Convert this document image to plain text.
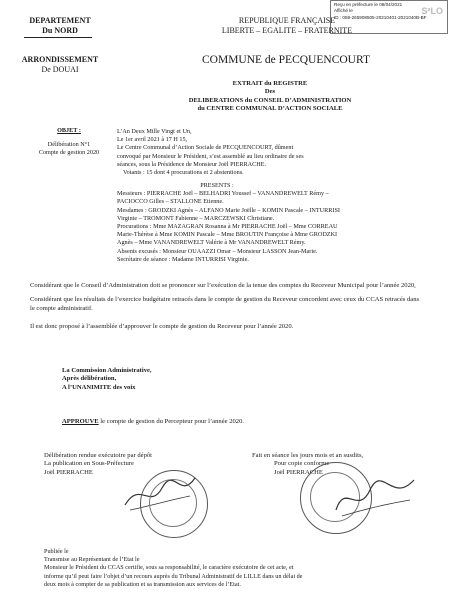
Reçu en préfecture le 06/04/2021
Affiché le
ID : 059-265908505-20210401-2021040B-BF
S²LO
DEPARTEMENT
Du NORD
ARRONDISSEMENT
De DOUAI
REPUBLIQUE FRANÇAISE
LIBERTE – EGALITE – FRATERNITE
COMMUNE de PECQUENCOURT
EXTRAIT du REGISTRE
Des
DELIBERATIONS du CONSEIL D’ADMINISTRATION
du CENTRE COMMUNAL D’ACTION SOCIALE
OBJET :
Délibération N°1
Compte de gestion 2020
L’An Deux Mille Vingt et Un,
Le 1er avril 2021 à 17 H 15,
Le Centre Communal d’Action Sociale de PECQUENCOURT, dûment
convoqué par Monsieur le Président, s’est assemblé au lieu ordinaire de ses
séances, sous la Présidence de Monsieur Joël PIERRACHE.
Votants : 15 dont 4 procurations et 2 abstentions.
PRESENTS :
Messieurs : PIERRACHE Joël – BELHADRI Youssef – VANANDREWELT Rémy –
PACIOCCO Gilles – STALLONE Etienne.
Mesdames : GRODZKI Agnès – ALFANO Marie Joëlle – KOMIN Pascale – INTURRISI
Virginie – TROMONT Fabienne – MARCZEWSKI Christiane.
Procurations : Mme MAZAGRAN Rosanna à Mr PIERRACHE Joël – Mme CORREAU
Marie-Thérèse à Mme KOMIN Pascale – Mme BROUTIN Françoise à Mme GRODZKI
Agnès – Mme VANANDREWELT Valérie à Mr VANANDREWELT Rémy.
Absents excusés : Monsieur OUAAZZI Omar – Monsieur LASSON Jean-Marie.
Secrétaire de séance : Madame INTURRISI Virginie.

Considérant que le Conseil d’Administration doit se prononcer sur l’exécution de la tenue des comptes du Receveur Municipal pour l’année 2020,

Considérant que les résultats de l’exercice budgétaire retracés dans le compte de gestion du Receveur concordent avec ceux du CCAS retracés dans le compte administratif.

Il est donc proposé à l’assemblée d’approuver le compte de gestion du Receveur pour l’année 2020.

La Commission Administrative,
Après délibération,
A l’UNANIMITE des voix
APPROUVE le compte de gestion du Percepteur pour l’année 2020.
Délibération rendue exécutoire par dépôt
La publication en Sous-Préfecture
Joël PIERRACHE
Fait en séance les jours mois et an susdits,
Pour copie conforme
Joël PIERRACHE
Publiée le
Transmise au Représentant de l’Etat le
Monsieur le Président du CCAS certifie, sous sa responsabilité, le caractère exécutoire de cet acte, et
informe qu’il peut faire l’objet d’un recours auprès du Tribunal Administratif de LILLE dans un délai de
deux mois à compter de sa publication et sa transmission aux services de l’Etat.
